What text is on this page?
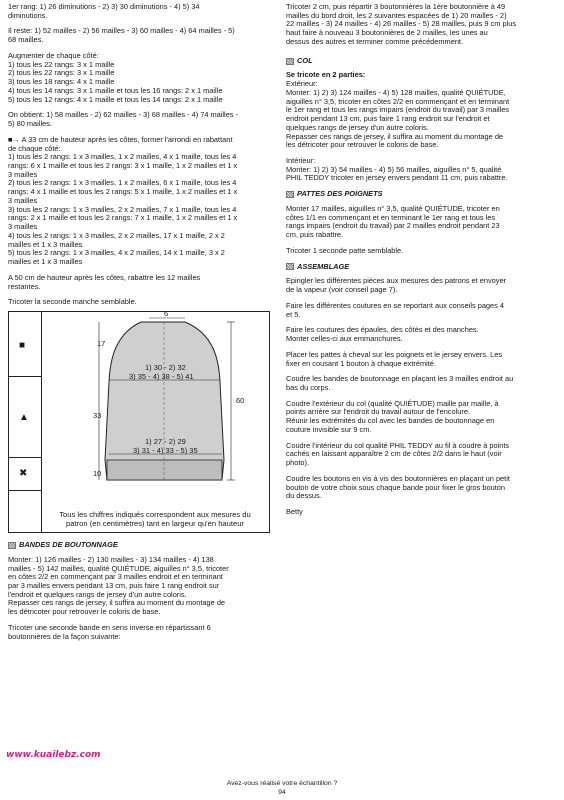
1er rang: 1) 26 diminutions - 2) 3) 30 diminutions - 4) 5) 34
diminutions.
Il reste: 1) 52 mailles - 2) 56 mailles - 3) 60 mailles - 4) 64 mailles - 5)
68 mailles.
Augmenter de chaque côté:
1) tous les 22 rangs: 3 x 1 maille
2) tous les 22 rangs: 3 x 1 maille
3) tous les 18 rangs: 4 x 1 maille
4) tous les 14 rangs: 3 x 1 maille et tous les 16 rangs: 2 x 1 maille
5) tous les 12 rangs: 4 x 1 maille et tous les 14 rangs: 2 x 1 maille
On obtient: 1) 58 mailles - 2) 62 mailles - 3) 68 mailles - 4) 74 mailles -
5) 80 mailles.
■→ A 33 cm de hauteur après les côtes, former l'arrondi en rabattant
de chaque côté:
1) tous les 2 rangs: 1 x 3 mailles, 1 x 2 mailles, 4 x 1 maille, tous les 4
rangs: 6 x 1 maille et tous les 2 rangs: 3 x 1 maille, 1 x 2 mailles et 1 x
3 mailles
2) tous les 2 rangs: 1 x 3 mailles, 1 x 2 mailles, 6 x 1 maille, tous les 4
rangs: 4 x 1 maille et tous les 2 rangs: 5 x 1 maille, 1 x 2 mailles et 1 x
3 mailles
3) tous les 2 rangs: 1 x 3 mailles, 2 x 2 mailles, 7 x 1 maille, tous les 4
rangs: 2 x 1 maille et tous les 2 rangs: 7 x 1 maille, 1 x 2 mailles et 1 x
3 mailles
4) tous les 2 rangs: 1 x 3 mailles, 2 x 2 mailles, 17 x 1 maille, 2 x 2
mailles et 1 x 3 mailles
5) tous les 2 rangs: 1 x 3 mailles, 4 x 2 mailles, 14 x 1 maille, 3 x 2
mailles et 1 x 3 mailles
A 50 cm de hauteur après les côtes, rabattre les 12 mailles
restantes.
Tricoter la seconde manche semblable.
■
▲
✖
17
33
10
6
60
1) 30 - 2) 32
3) 35 - 4) 38 - 5) 41
1) 27 - 2) 29
3) 31 - 4) 33 - 5) 35
Tous les chiffres indiqués correspondent aux mesures du
patron (en centimètres) tant en largeur qu'en hauteur
BANDES DE BOUTONNAGE
Monter: 1) 126 mailles - 2) 130 mailles - 3) 134 mailles - 4) 138
mailles - 5) 142 mailles, qualité QUIÉTUDE, aiguilles n° 3,5, tricoter
en côtes 2/2 en commençant par 3 mailles endroit et en terminant
par 3 mailles envers pendant 13 cm, puis faire 1 rang endroit sur
l'endroit et quelques rangs de jersey d'un autre coloris.
Repasser ces rangs de jersey, il suffira au moment du montage de
les détricoter pour retrouver le coloris de base.
Tricoter une seconde bande en sens inverse en répartissant 6
boutonnières de la façon suivante:
Tricoter 2 cm, puis répartir 3 boutonnières la 1ère boutonnière à 49
mailles du bord droit, les 2 suivantes espacées de 1) 20 mailles - 2)
22 mailles - 3) 24 mailles - 4) 26 mailles - 5) 28 mailles, puis 9 cm plus
haut faire à nouveau 3 boutonnières de 2 mailles, les unes au
dessus des autres et terminer comme précédemment.
COL
Se tricote en 2 parties:
Extérieur:
Monter: 1) 2) 3) 124 mailles - 4) 5) 128 mailles, qualité QUIÉTUDE,
aiguilles n° 3,5, tricoter en côtes 2/2 en commençant et en terminant
le 1er rang et tous les rangs impairs (endroit du travail) par 3 mailles
endroit pendant 13 cm, puis faire 1 rang endroit sur l'endroit et
quelques rangs de jersey d'un autre coloris.
Repasser ces rangs de jersey, il suffira au moment du montage de
les détricoter pour retrouver le coloris de base.
Intérieur:
Monter: 1) 2) 3) 54 mailles - 4) 5) 56 mailles, aiguilles n° 5, qualité
PHIL TEDDY tricoter en jersey envers pendant 11 cm, puis rabattre.
PATTES DES POIGNETS
Monter 17 mailles, aiguilles n° 3,5, qualité QUIÉTUDE, tricoter en
côtes 1/1 en commençant et en terminant le 1er rang et tous les
rangs impairs (endroit du travail) par 2 mailles endroit pendant 23
cm, puis rabattre.
Tricoter 1 seconde patte semblable.
ASSEMBLAGE
Epingler les différentes pièces aux mesures des patrons et envoyer
de la vapeur (voir conseil page 7).
Faire les différentes coutures en se reportant aux conseils pages 4
et 5.
Faire les coutures des épaules, des côtés et des manches.
Monter celles-ci aux emmanchures.
Placer les pattes à cheval sur les poignets et le jersey envers. Les
fixer en cousant 1 bouton à chaque extrémité.
Coudre les bandes de boutonnage en plaçant les 3 mailles endroit au
bas du corps.
Coudre l'extérieur du col (qualité QUIÉTUDE) maille par maille, à
points arrière sur l'endroit du travail autour de l'encolure.
Réunir les extrémités du col avec les bandes de boutonnage en
couture invisible sur 9 cm.
Coudre l'intérieur du col qualité PHIL TEDDY au fil à coudre à points
cachés en laissant apparaître 2 cm de côtes 2/2 dans le haut (voir
photo).
Coudre les boutons en vis à vis des boutonnières en plaçant un petit
bouton de votre choix sous chaque bande pour fixer le gros bouton
du dessus.
Betty
快乐
编织
www.kuailebz.com
Avez-vous réalisé votre échantillon ?
94
